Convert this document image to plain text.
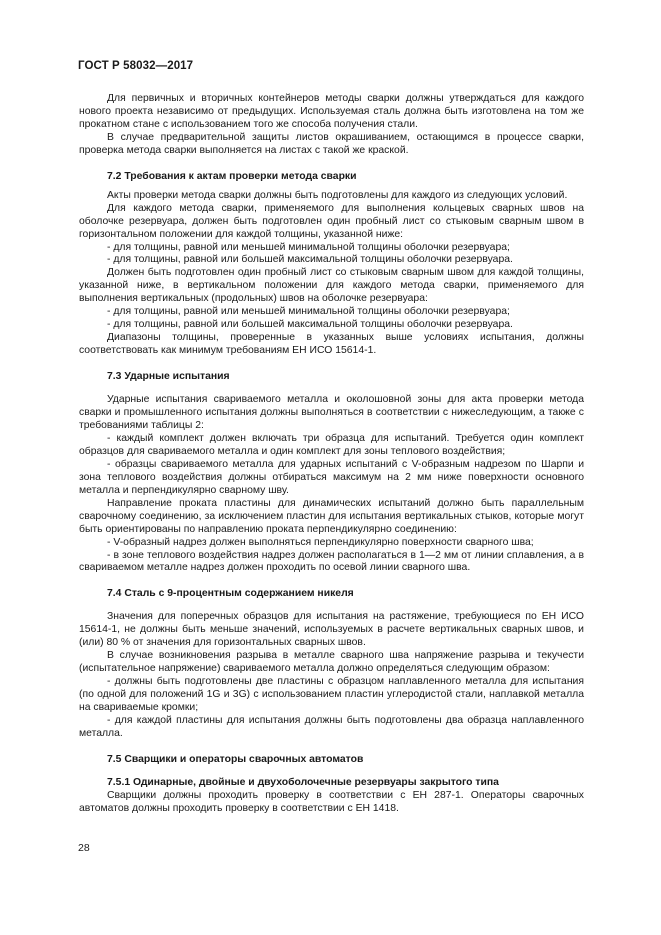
ГОСТ Р 58032—2017

Для первичных и вторичных контейнеров методы сварки должны утверждаться для каждого нового проекта независимо от предыдущих. Используемая сталь должна быть изготовлена на том же прокатном стане с использованием того же способа получения стали.

В случае предварительной защиты листов окрашиванием, остающимся в процессе сварки, проверка метода сварки выполняется на листах с такой же краской.

7.2 Требования к актам проверки метода сварки

Акты проверки метода сварки должны быть подготовлены для каждого из следующих условий.

Для каждого метода сварки, применяемого для выполнения кольцевых сварных швов на оболочке резервуара, должен быть подготовлен один пробный лист со стыковым сварным швом в горизонтальном положении для каждой толщины, указанной ниже:

- для толщины, равной или меньшей минимальной толщины оболочки резервуара;

- для толщины, равной или большей максимальной толщины оболочки резервуара.

Должен быть подготовлен один пробный лист со стыковым сварным швом для каждой толщины, указанной ниже, в вертикальном положении для каждого метода сварки, применяемого для выполнения вертикальных (продольных) швов на оболочке резервуара:

- для толщины, равной или меньшей минимальной толщины оболочки резервуара;

- для толщины, равной или большей максимальной толщины оболочки резервуара.

Диапазоны толщины, проверенные в указанных выше условиях испытания, должны соответствовать как минимум требованиям ЕН ИСО 15614-1.

7.3 Ударные испытания

Ударные испытания свариваемого металла и околошовной зоны для акта проверки метода сварки и промышленного испытания должны выполняться в соответствии с нижеследующим, а также с требованиями таблицы 2:

- каждый комплект должен включать три образца для испытаний. Требуется один комплект образцов для свариваемого металла и один комплект для зоны теплового воздействия;

- образцы свариваемого металла для ударных испытаний с V-образным надрезом по Шарпи и зона теплового воздействия должны отбираться максимум на 2 мм ниже поверхности основного металла и перпендикулярно сварному шву.

Направление проката пластины для динамических испытаний должно быть параллельным сварочному соединению, за исключением пластин для испытания вертикальных стыков, которые могут быть ориентированы по направлению проката перпендикулярно соединению:

- V-образный надрез должен выполняться перпендикулярно поверхности сварного шва;

- в зоне теплового воздействия надрез должен располагаться в 1—2 мм от линии сплавления, а в свариваемом металле надрез должен проходить по осевой линии сварного шва.

7.4 Сталь с 9-процентным содержанием никеля

Значения для поперечных образцов для испытания на растяжение, требующиеся по ЕН ИСО 15614-1, не должны быть меньше значений, используемых в расчете вертикальных сварных швов, и (или) 80 % от значения для горизонтальных сварных швов.

В случае возникновения разрыва в металле сварного шва напряжение разрыва и текучести (испытательное напряжение) свариваемого металла должно определяться следующим образом:

- должны быть подготовлены две пластины с образцом наплавленного металла для испытания (по одной для положений 1G и 3G) с использованием пластин углеродистой стали, наплавкой металла на свариваемые кромки;

- для каждой пластины для испытания должны быть подготовлены два образца наплавленного металла.

7.5 Сварщики и операторы сварочных автоматов
7.5.1 Одинарные, двойные и двухоболочечные резервуары закрытого типа

Сварщики должны проходить проверку в соответствии с ЕН 287-1. Операторы сварочных автоматов должны проходить проверку в соответствии с ЕН 1418.

28
